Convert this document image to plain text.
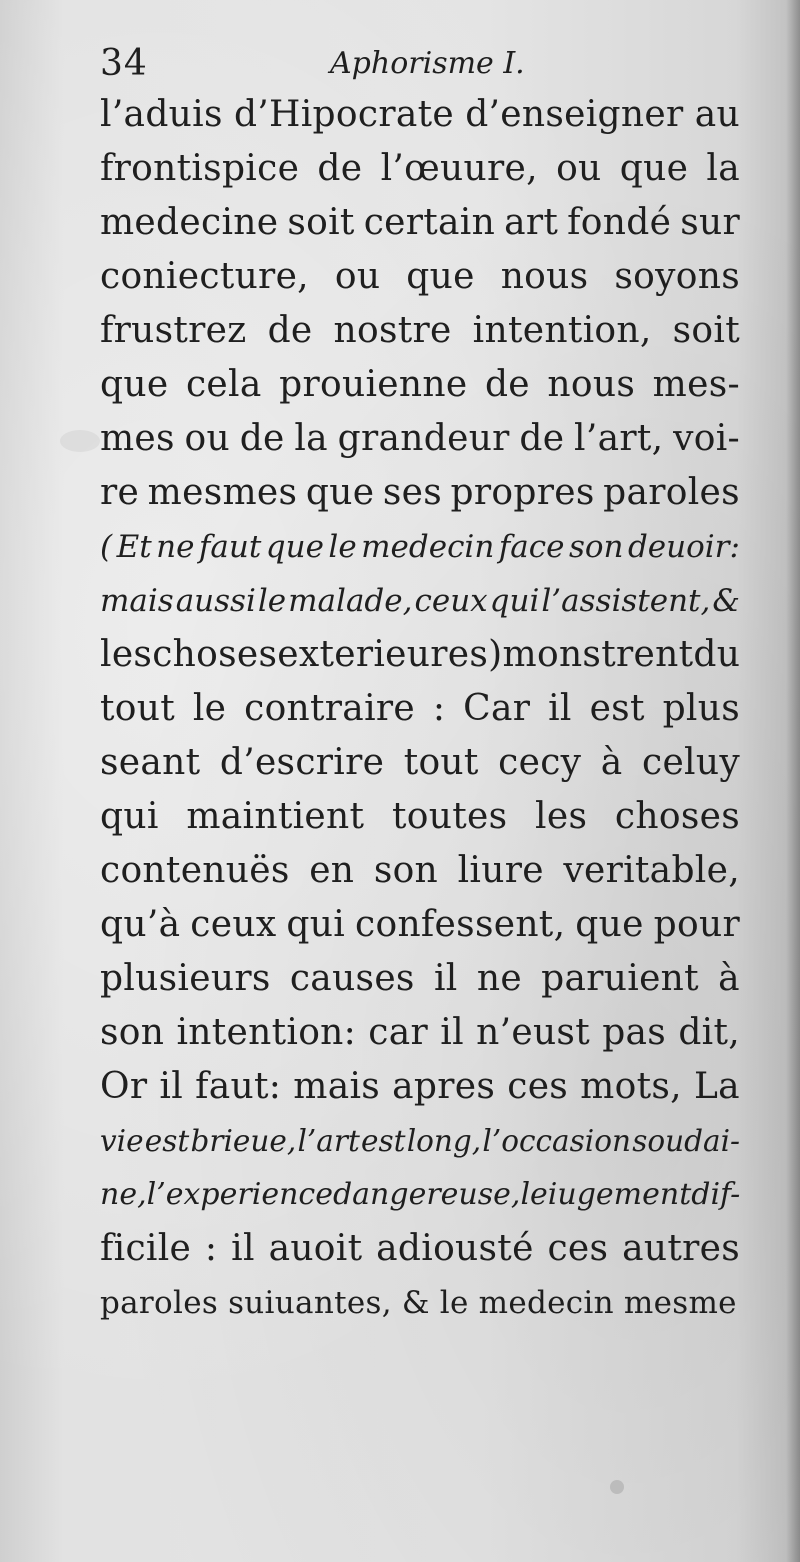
34	Aphorisme I.
l’aduis d’Hipocrate d’enseigner au
frontispice de l’œuure, ou que la
medecine soit certain art fondé sur
coniecture, ou que nous soyons
frustrez de nostre intention, soit
que cela prouienne de nous mes-
mes ou de la grandeur de l’art, voi-
re mesmes que ses propres paroles
( Et ne faut que le medecin face son deuoir:
mais aussi le malade, ceux qui l’assistent, &
les choses exterieures ) monstrent du
tout le contraire : Car il est plus
seant d’escrire tout cecy à celuy
qui maintient toutes les choses
contenuës en son liure veritable,
qu’à ceux qui confessent, que pour
plusieurs causes il ne paruient à
son intention: car il n’eust pas dit,
Or il faut: mais apres ces mots, La
vie est brieue, l’art est long, l’occasion soudai-
ne, l’experience dangereuse, le iugement dif-
ficile : il auoit adiousté ces autres
paroles suiuantes, & le medecin mesme
